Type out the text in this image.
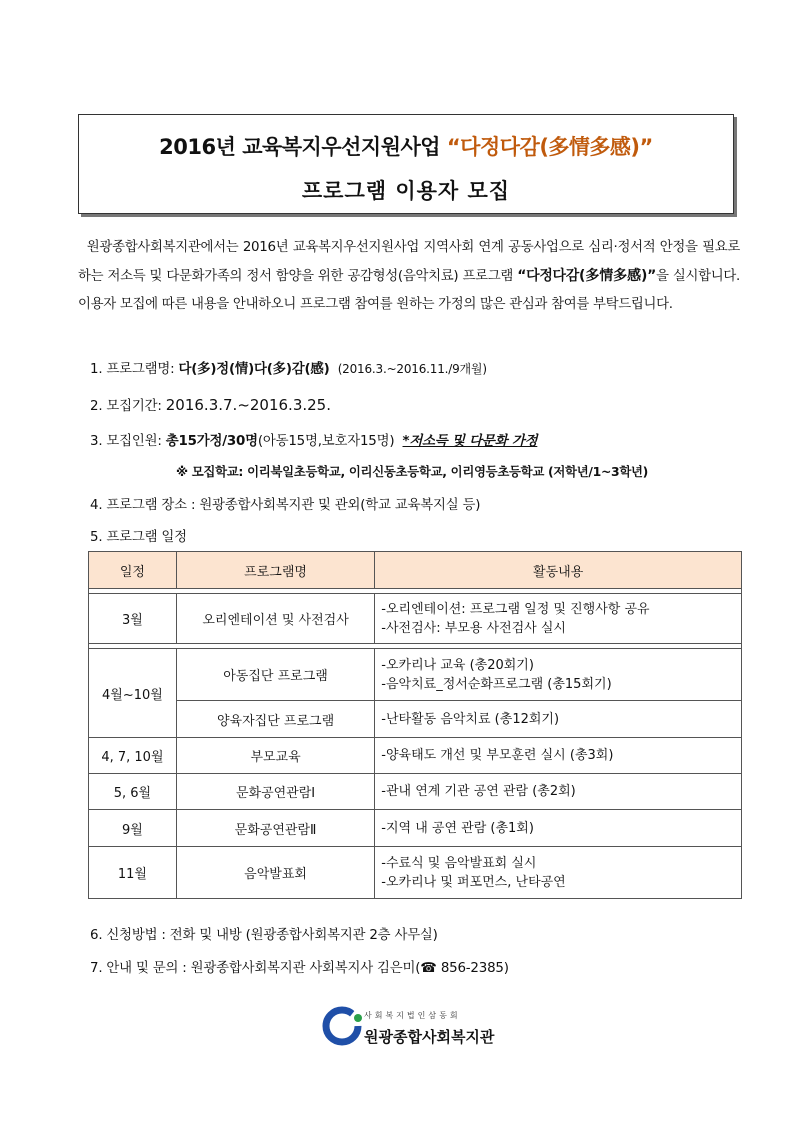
2016년 교육복지우선지원사업 “다정다감(多情多感)”
프로그램 이용자 모집
원광종합사회복지관에서는 2016년 교육복지우선지원사업 지역사회 연계 공동사업으로 심리·정서적 안정을 필요로 하는 저소득 및 다문화가족의 정서 함양을 위한 공감형성(음악치료) 프로그램 “다정다감(多情多感)”을 실시합니다. 이용자 모집에 따른 내용을 안내하오니 프로그램 참여를 원하는 가정의 많은 관심과 참여를 부탁드립니다.
1. 프로그램명: 다(多)정(情)다(多)감(感) (2016.3.~2016.11./9개월)
2. 모집기간: 2016.3.7.~2016.3.25.
3. 모집인원: 총15가정/30명(아동15명,보호자15명)  *저소득 및 다문화 가정
※ 모집학교: 이리북일초등학교, 이리신동초등학교, 이리영등초등학교 (저학년/1~3학년)
4. 프로그램 장소 : 원광종합사회복지관 및 관외(학교 교육복지실 등)
5. 프로그램 일정
일정	프로그램명	활동내용

3월	오리엔테이션 및 사전검사	-오리엔테이션: 프로그램 일정 및 진행사항 공유
-사전검사: 부모용 사전검사 실시

4월~10월	아동집단 프로그램	-오카리나 교육 (총20회기)
-음악치료_정서순화프로그램 (총15회기)

	양육자집단 프로그램	-난타활동 음악치료 (총12회기)

4, 7, 10월	부모교육	-양육태도 개선 및 부모훈련 실시 (총3회)

5, 6월	문화공연관람Ⅰ	-관내 연계 기관 공연 관람 (총2회)

9월	문화공연관람Ⅱ	-지역 내 공연 관람 (총1회)

11월	음악발표회	-수료식 및 음악발표회 실시
-오카리나 및 퍼포먼스, 난타공연
6. 신청방법 : 전화 및 내방 (원광종합사회복지관 2층 사무실)
7. 안내 및 문의 : 원광종합사회복지관 사회복지사 김은미(☎ 856-2385)
사회복지법인삼동회
원광종합사회복지관
